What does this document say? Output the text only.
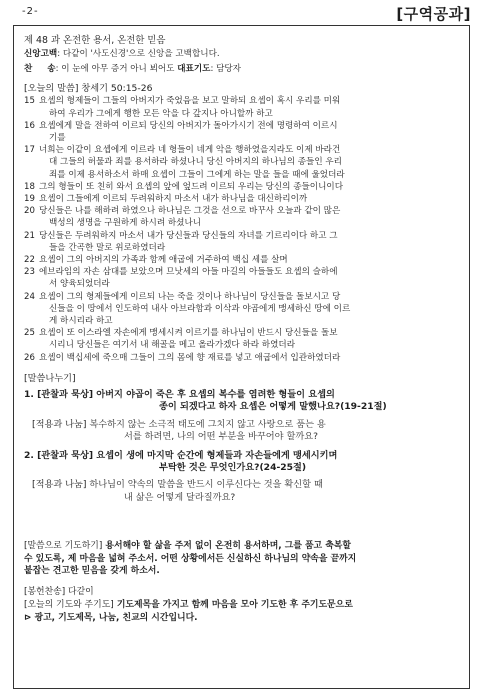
-2-	[구역공과]
제 48 과 온전한 용서, 온전한 믿음
신앙고백: 다같이 '사도신경'으로 신앙을 고백합니다.
찬     송: 이 눈에 아무 증거 아니 뵈어도 대표기도: 담당자
[오늘의 말씀] 창세기 50:15-26
15 요셉의 형제들이 그들의 아버지가 죽었음을 보고 말하되 요셉이 혹시 우리를 미워
하여 우리가 그에게 행한 모든 악을 다 갚지나 아니할까 하고
16 요셉에게 말을 전하여 이르되 당신의 아버지가 돌아가시기 전에 명령하여 이르시
기를
17 너희는 이같이 요셉에게 이르라 네 형들이 네게 악을 행하였을지라도 이제 바라건
대 그들의 허물과 죄를 용서하라 하셨나니 당신 아버지의 하나님의 종들인 우리
죄를 이제 용서하소서 하매 요셉이 그들이 그에게 하는 말을 들을 때에 울었더라
18 그의 형들이 또 친히 와서 요셉의 앞에 엎드려 이르되 우리는 당신의 종들이니이다
19 요셉이 그들에게 이르되 두려워하지 마소서 내가 하나님을 대신하리이까
20 당신들은 나를 해하려 하였으나 하나님은 그것을 선으로 바꾸사 오늘과 같이 많은
백성의 생명을 구원하게 하시려 하셨나니
21 당신들은 두려워하지 마소서 내가 당신들과 당신들의 자녀를 기르리이다 하고 그
들을 간곡한 말로 위로하였더라
22 요셉이 그의 아버지의 가족과 함께 애굽에 거주하여 백십 세를 살며
23 에브라임의 자손 삼대를 보았으며 므낫세의 아들 마길의 아들들도 요셉의 슬하에
서 양육되었더라
24 요셉이 그의 형제들에게 이르되 나는 죽을 것이나 하나님이 당신들을 돌보시고 당
신들을 이 땅에서 인도하여 내사 아브라함과 이삭과 야곱에게 맹세하신 땅에 이르
게 하시리라 하고
25 요셉이 또 이스라엘 자손에게 맹세시켜 이르기를 하나님이 반드시 당신들을 돌보
시리니 당신들은 여기서 내 해골을 메고 올라가겠다 하라 하였더라
26 요셉이 백십세에 죽으매 그들이 그의 몸에 향 재료를 넣고 애굽에서 입관하였더라
[말씀나누기]
1. [관찰과 묵상] 아버지 야곱이 죽은 후 요셉의 복수를 염려한 형들이 요셉의
종이 되겠다고 하자 요셉은 어떻게 말했나요?(19-21절)
[적용과 나눔] 복수하지 않는 소극적 태도에 그치지 않고 사랑으로 품는 용
서를 하려면, 나의 어떤 부분을 바꾸어야 할까요?
2. [관찰과 묵상] 요셉이 생에 마지막 순간에 형제들과 자손들에게 맹세시키며
부탁한 것은 무엇인가요?(24-25절)
[적용과 나눔] 하나님이 약속의 말씀을 반드시 이루신다는 것을 확신할 때
내 삶은 어떻게 달라질까요?
[말씀으로 기도하기] 용서해야 할 삶을 주저 없이 온전히 용서하며, 그를 품고 축복할
수 있도록, 제 마음을 넓혀 주소서. 어떤 상황에서든 신실하신 하나님의 약속을 끝까지
붙잡는 견고한 믿음을 갖게 하소서.
[봉헌찬송] 다같이
[오늘의 기도와 주기도] 기도제목을 가지고 함께 마음을 모아 기도한 후 주기도문으로
⊳ 광고, 기도제목, 나눔, 친교의 시간입니다.
